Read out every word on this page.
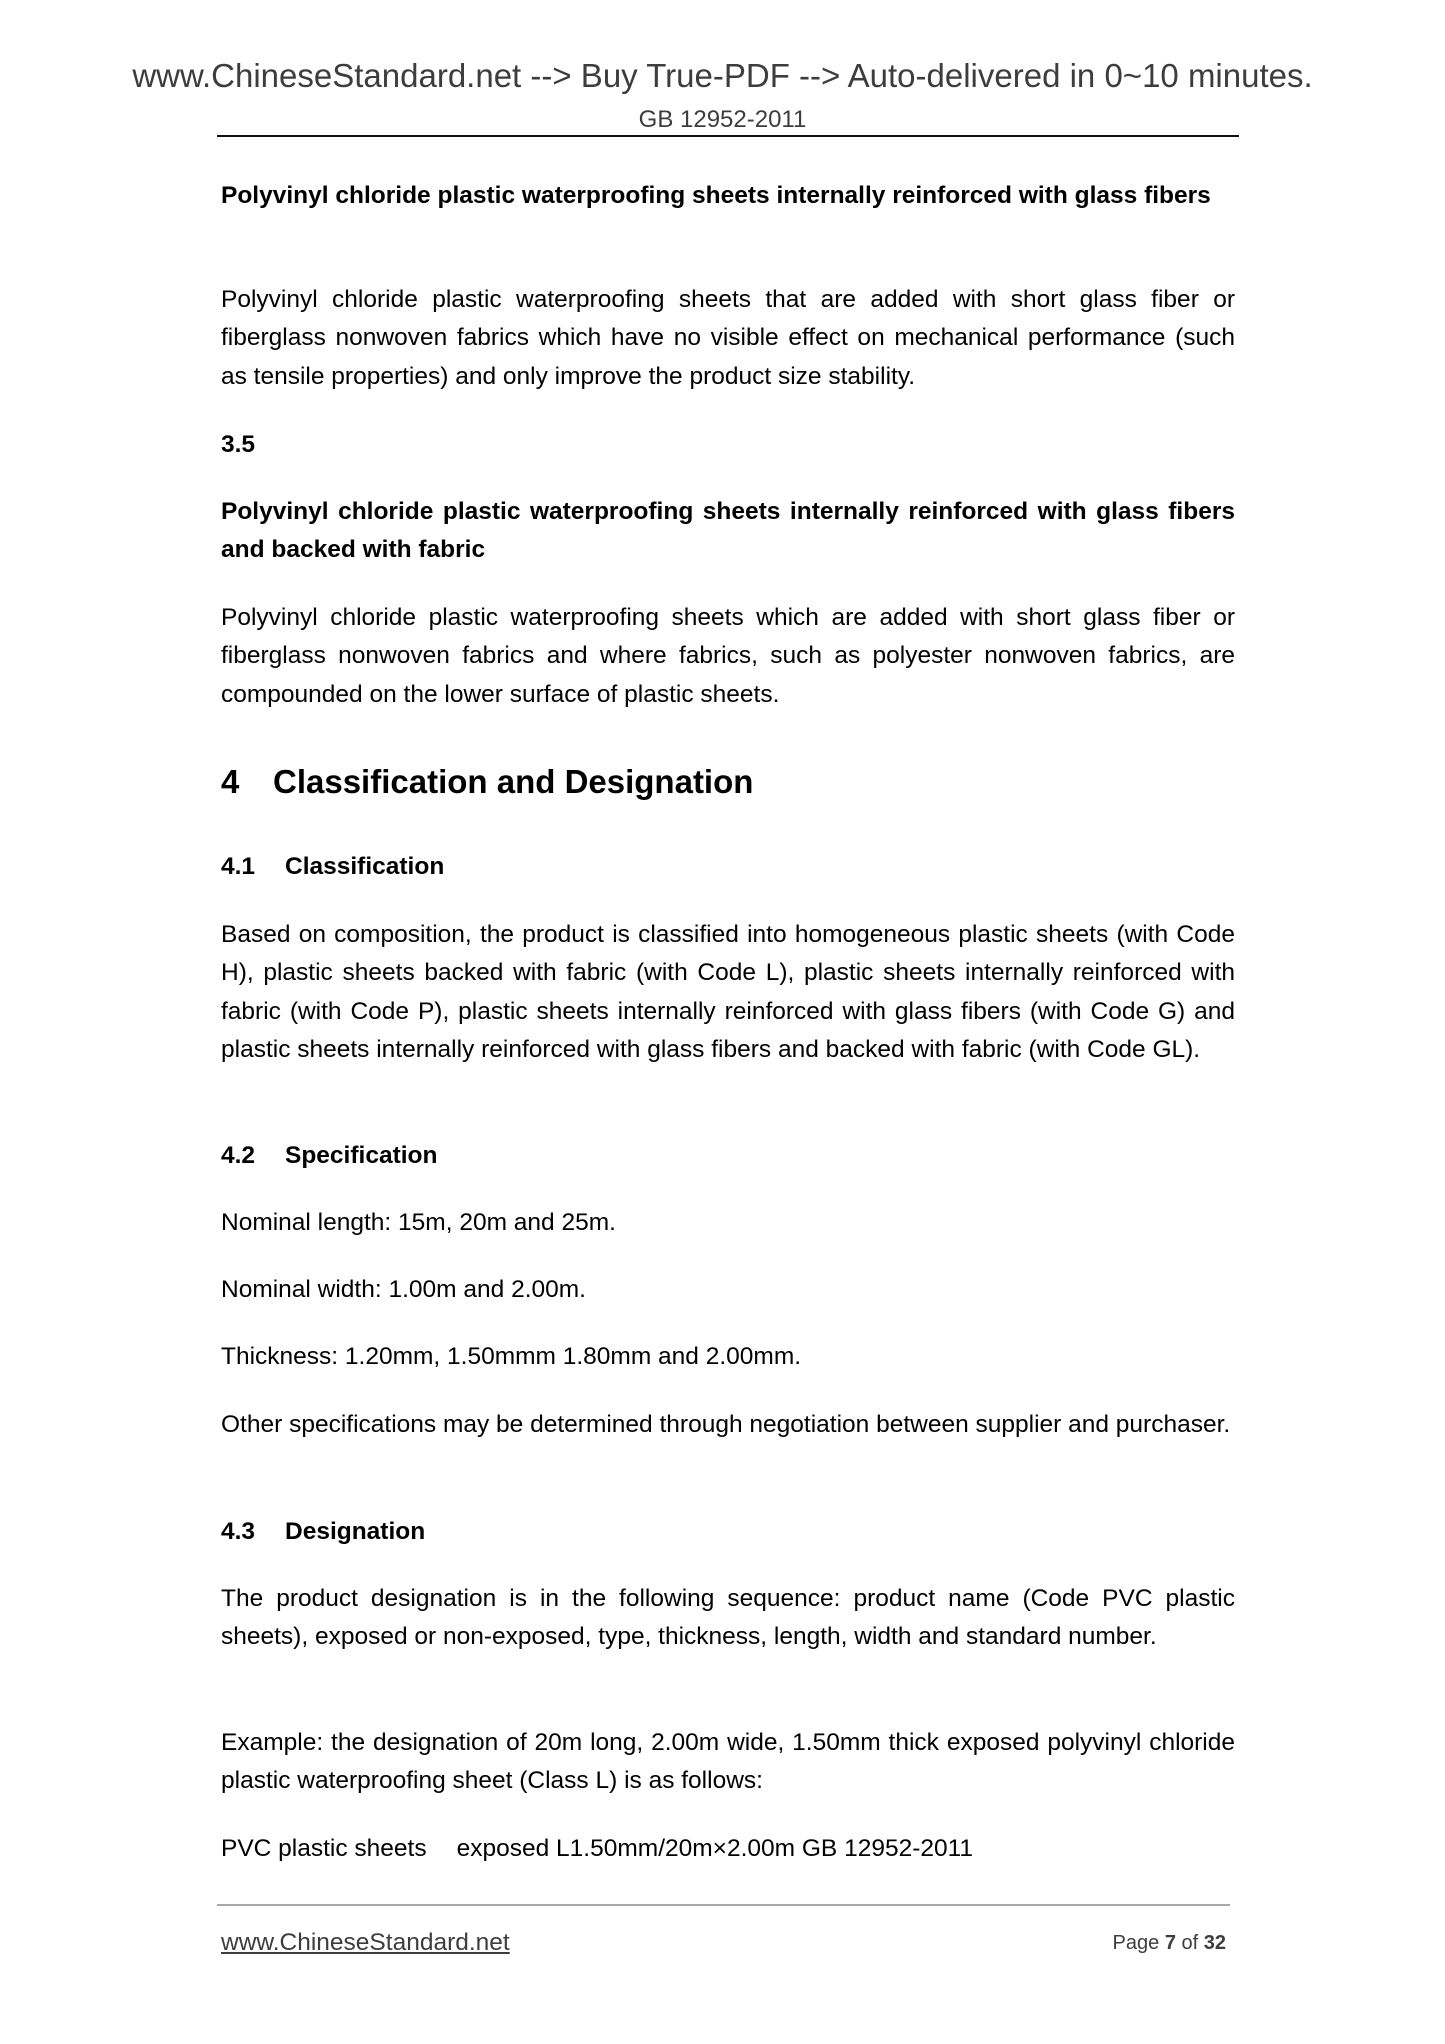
www.ChineseStandard.net --> Buy True-PDF --> Auto-delivered in 0~10 minutes.
GB 12952-2011
Polyvinyl chloride plastic waterproofing sheets internally reinforced with glass fibers
Polyvinyl chloride plastic waterproofing sheets that are added with short glass fiber or fiberglass nonwoven fabrics which have no visible effect on mechanical performance (such as tensile properties) and only improve the product size stability.
3.5
Polyvinyl chloride plastic waterproofing sheets internally reinforced with glass fibers and backed with fabric
Polyvinyl chloride plastic waterproofing sheets which are added with short glass fiber or fiberglass nonwoven fabrics and where fabrics, such as polyester nonwoven fabrics, are compounded on the lower surface of plastic sheets.
4 Classification and Designation
4.1 Classification
Based on composition, the product is classified into homogeneous plastic sheets (with Code H), plastic sheets backed with fabric (with Code L), plastic sheets internally reinforced with fabric (with Code P), plastic sheets internally reinforced with glass fibers (with Code G) and plastic sheets internally reinforced with glass fibers and backed with fabric (with Code GL).
4.2 Specification
Nominal length: 15m, 20m and 25m.
Nominal width: 1.00m and 2.00m.
Thickness: 1.20mm, 1.50mmm 1.80mm and 2.00mm.
Other specifications may be determined through negotiation between supplier and purchaser.
4.3 Designation
The product designation is in the following sequence: product name (Code PVC plastic sheets), exposed or non-exposed, type, thickness, length, width and standard number.
Example: the designation of 20m long, 2.00m wide, 1.50mm thick exposed polyvinyl chloride plastic waterproofing sheet (Class L) is as follows:
PVC plastic sheets exposed L1.50mm/20m×2.00m GB 12952-2011
www.ChineseStandard.net	Page 7 of 32
